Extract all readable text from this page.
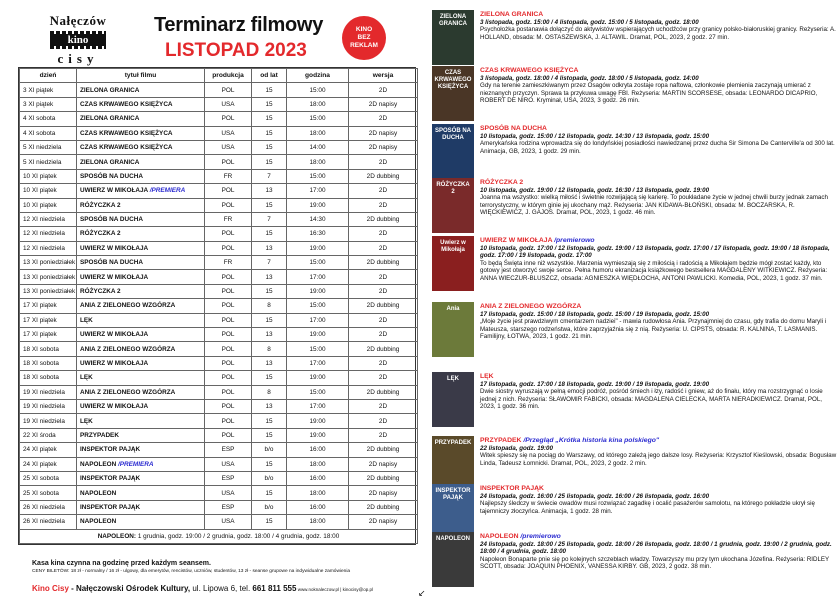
Nałęczów
kino
cisy
Terminarz filmowy
LISTOPAD 2023
KINO
BEZ
REKLAM
dzień	tytuł filmu	produkcja	od lat	godzina	wersja
3 XI piątek	ZIELONA GRANICA	POL	15	15:00	2D
3 XI piątek	CZAS KRWAWEGO KSIĘŻYCA	USA	15	18:00	2D napisy
4 XI sobota	ZIELONA GRANICA	POL	15	15:00	2D
4 XI sobota	CZAS KRWAWEGO KSIĘŻYCA	USA	15	18:00	2D napisy
5 XI niedziela	CZAS KRWAWEGO KSIĘŻYCA	USA	15	14:00	2D napisy
5 XI niedziela	ZIELONA GRANICA	POL	15	18:00	2D
10 XI piątek	SPOSÓB NA DUCHA	FR	7	15:00	2D dubbing
10 XI piątek	UWIERZ W MIKOŁAJA /PREMIERA	POL	13	17:00	2D
10 XI piątek	RÓŻYCZKA 2	POL	15	19:00	2D
12 XI niedziela	SPOSÓB NA DUCHA	FR	7	14:30	2D dubbing
12 XI niedziela	RÓŻYCZKA 2	POL	15	16:30	2D
12 XI niedziela	UWIERZ W MIKOŁAJA	POL	13	19:00	2D
13 XI poniedziałek	SPOSÓB NA DUCHA	FR	7	15:00	2D dubbing
13 XI poniedziałek	UWIERZ W MIKOŁAJA	POL	13	17:00	2D
13 XI poniedziałek	RÓŻYCZKA 2	POL	15	19:00	2D
17 XI piątek	ANIA Z ZIELONEGO WZGÓRZA	POL	8	15:00	2D dubbing
17 XI piątek	LĘK	POL	15	17:00	2D
17 XI piątek	UWIERZ W MIKOŁAJA	POL	13	19:00	2D
18 XI sobota	ANIA Z ZIELONEGO WZGÓRZA	POL	8	15:00	2D dubbing
18 XI sobota	UWIERZ W MIKOŁAJA	POL	13	17:00	2D
18 XI sobota	LĘK	POL	15	19:00	2D
19 XI niedziela	ANIA Z ZIELONEGO WZGÓRZA	POL	8	15:00	2D dubbing
19 XI niedziela	UWIERZ W MIKOŁAJA	POL	13	17:00	2D
19 XI niedziela	LĘK	POL	15	19:00	2D
22 XI środa	PRZYPADEK	POL	15	19:00	2D
24 XI piątek	INSPEKTOR PAJĄK	ESP	b/o	16:00	2D dubbing
24 XI piątek	NAPOLEON /PREMIERA	USA	15	18:00	2D napisy
25 XI sobota	INSPEKTOR PAJĄK	ESP	b/o	16:00	2D dubbing
25 XI sobota	NAPOLEON	USA	15	18:00	2D napisy
26 XI niedziela	INSPEKTOR PAJĄK	ESP	b/o	16:00	2D dubbing
26 XI niedziela	NAPOLEON	USA	15	18:00	2D napisy
NAPOLEON: 1 grudnia, godz. 19:00 / 2 grudnia, godz. 18:00 / 4 grudnia, godz. 18:00					
Kasa kina czynna na godzinę przed każdym seansem.
CENY BILETÓW: 18 zł - normalny / 16 zł - ulgowy, dla emerytów, rencistów, uczniów, studentów, 13 zł - seanse grupowe na indywidualne zamówienia
Kino Cisy - Nałęczowski Ośrodek Kultury, ul. Lipowa 6, tel. 661 811 555 www.noknaleczow.pl | kinocisy@op.pl	↙
ZIELONA GRANICA
ZIELONA GRANICA
3 listopada, godz. 15:00 / 4 listopada, godz. 15:00 / 5 listopada, godz. 18:00
Psychołożka postanawia dołączyć do aktywistów wspierających uchodźców przy granicy polsko-białoruskiej granicy. Reżyseria: A. HOLLAND, obsada: M. OSTASZEWSKA, J. ALTAWIL. Dramat, POL, 2023, 2 godz. 27 min.
CZAS KRWAWEGO KSIĘŻYCA
CZAS KRWAWEGO KSIĘŻYCA
3 listopada, godz. 18:00 / 4 listopada, godz. 18:00 / 5 listopada, godz. 14:00
Gdy na terenie zamieszkiwanym przez Osagów odkryta zostaje ropa naftowa, członkowie plemienia zaczynają umierać z nieznanych przyczyn. Sprawa ta przykuwa uwagę FBI. Reżyseria: MARTIN SCORSESE, obsada: LEONARDO DICAPRIO, ROBERT DE NIRO. Kryminał, USA, 2023, 3 godz. 26 min.
SPOSÓB NA DUCHA
SPOSÓB NA DUCHA
10 listopada, godz. 15:00 / 12 listopada, godz. 14:30 / 13 listopada, godz. 15:00
Amerykańska rodzina wprowadza się do londyńskiej posiadłości nawiedzanej przez ducha Sir Simona De Canterville'a od 300 lat. Animacja, GB, 2023, 1 godz. 29 min.
RÓŻYCZKA 2
RÓŻYCZKA 2
10 listopada, godz. 19:00 / 12 listopada, godz. 16:30 / 13 listopada, godz. 19:00
Joanna ma wszystko: wielką miłość i świetnie rozwijającą się karierę. To poukładane życie w jednej chwili burzy jednak zamach terrorystyczny, w którym ginie jej ukochany mąż. Reżyseria: JAN KIDAWA-BŁOŃSKI, obsada: M. BOCZARSKA, R. WIĘCKIEWICZ, J. GAJOS. Dramat, POL, 2023, 1 godz. 46 min.
Uwierz w Mikołaja
UWIERZ W MIKOŁAJA /premierowo
10 listopada, godz. 17:00 / 12 listopada, godz. 19:00 / 13 listopada, godz. 17:00 / 17 listopada, godz. 19:00 / 18 listopada, godz. 17:00 / 19 listopada, godz. 17:00
To będą Święta inne niż wszystkie. Marzenia wymieszają się z miłością i radością a Mikołajem będzie mógł zostać każdy, kto gotowy jest otworzyć swoje serce. Pełna humoru ekranizacja książkowego bestsellera MAGDALENY WITKIEWICZ. Reżyseria: ANNA WIECZUR-BLUSZCZ, obsada: AGNIESZKA WIĘDŁOCHA, ANTONI PAWLICKI. Komedia, POL, 2023, 1 godz. 37 min.
Ania	ANIA Z ZIELONEGO WZGÓRZA
17 listopada, godz. 15:00 / 18 listopada, godz. 15:00 / 19 listopada, godz. 15:00
„Moje życie jest prawdziwym cmentarzem nadziei" - mawia rudowłosa Ania. Przynajmniej do czasu, gdy trafia do domu Maryli i Mateusza, starszego rodzeństwa, które zaprzyjaźnia się z nią. Reżyseria: U. CIPSTS, obsada: R. KALNINA, T. LASMANIS. Familijny, ŁOTWA, 2023, 1 godz. 21 min.
LĘK	LĘK
17 listopada, godz. 17:00 / 18 listopada, godz. 19:00 / 19 listopada, godz. 19:00
Dwie siostry wyruszają w pełną emocji podróż, pośród śmiech i łzy, radość i gniew, aż do finału, który ma rozstrzygnąć o losie jednej z nich. Reżyseria: SŁAWOMIR FABICKI, obsada: MAGDALENA CIELECKA, MARTA NIERADKIEWICZ. Dramat, POL, 2023, 1 godz. 36 min.
PRZYPADEK PRZYPADEK /Przegląd „Krótka historia kina polskiego"
22 listopada, godz. 19:00
Witek spieszy się na pociąg do Warszawy, od którego zależą jego dalsze losy. Reżyseria: Krzysztof Kieślowski, obsada: Bogusław Linda, Tadeusz Łomnicki. Dramat, POL, 2023, 2 godz. 2 min.
INSPEKTOR PAJĄK
INSPEKTOR PAJĄK
24 listopada, godz. 16:00 / 25 listopada, godz. 16:00 / 26 listopada, godz. 16:00
Najlepszy śledczy w świecie owadów musi rozwiązać zagadkę i ocalić pasażerów samolotu, na którego pokładzie ukrył się tajemniczy złoczyńca. Animacja, 1 godz. 28 min.
NAPOLEON NAPOLEON /premierowo
24 listopada, godz. 18:00 / 25 listopada, godz. 18:00 / 26 listopada, godz. 18:00 / 1 grudnia, godz. 19:00 / 2 grudnia, godz. 18:00 / 4 grudnia, godz. 18:00
Napoleon Bonaparte pnie się po kolejnych szczeblach władzy. Towarzyszy mu przy tym ukochana Józefina. Reżyseria: RIDLEY SCOTT, obsada: JOAQUIN PHOENIX, VANESSA KIRBY. GB, 2023, 2 godz. 38 min.
